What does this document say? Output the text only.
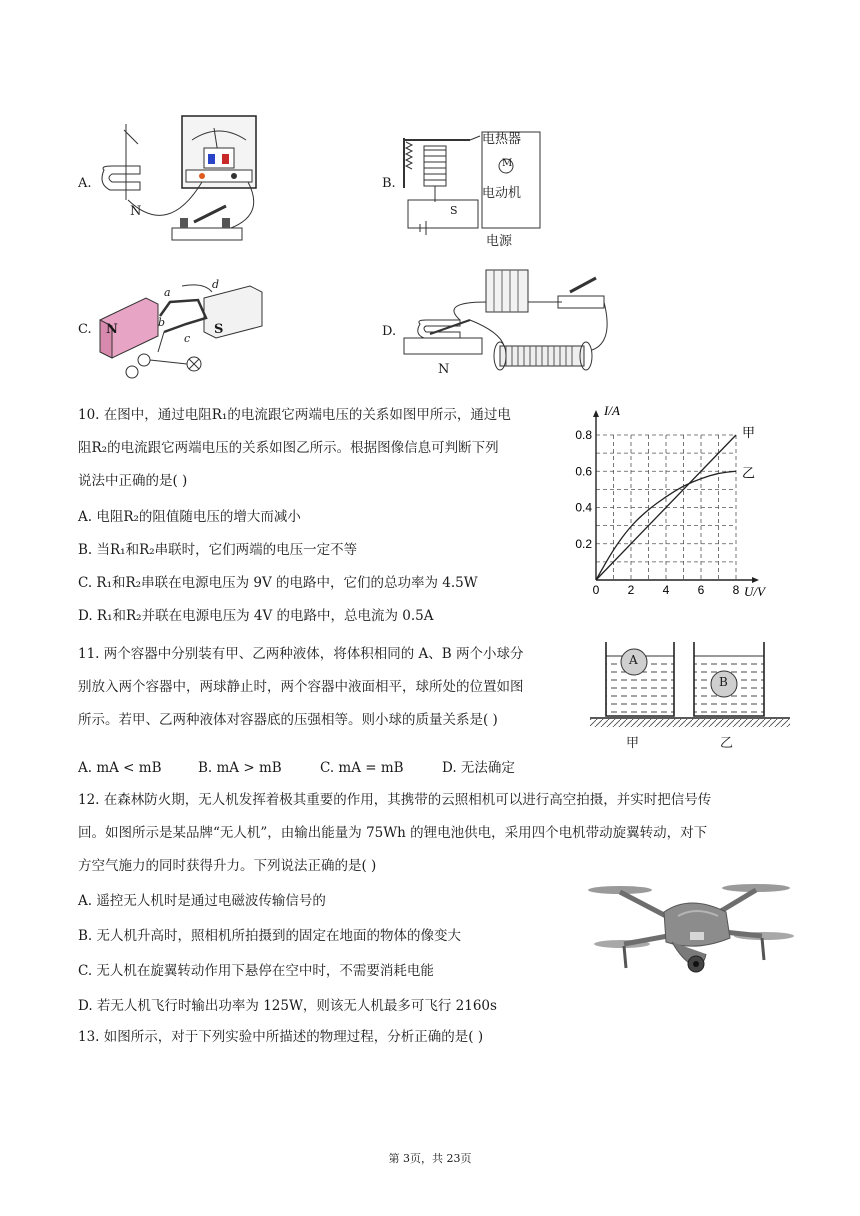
A.
N
B.
电热器
M
电动机
S
电源
C. N	S
a
b
c
d
D.
N
10. 在图中，通过电阻R₁的电流跟它两端电压的关系如图甲所示，通过电
阻R₂的电流跟它两端电压的关系如图乙所示。根据图像信息可判断下列
说法中正确的是( )
A. 电阻R₂的阻值随电压的增大而减小
B. 当R₁和R₂串联时，它们两端的电压一定不等
C. R₁和R₂串联在电源电压为 9V 的电路中，它们的总功率为 4.5W
D. R₁和R₂并联在电源电压为 4V 的电路中，总电流为 0.5A
0 2 4 6 8
0.2
0.4
0.6
0.8
I/A
U/V
甲
乙
11. 两个容器中分别装有甲、乙两种液体，将体积相同的 A、B 两个小球分
别放入两个容器中，两球静止时，两个容器中液面相平，球所处的位置如图
所示。若甲、乙两种液体对容器底的压强相等。则小球的质量关系是( )
A. mA < mB	B. mA > mB	C. mA = mB	D. 无法确定
A
B
甲	乙
12. 在森林防火期，无人机发挥着极其重要的作用，其携带的云照相机可以进行高空拍摄，并实时把信号传
回。如图所示是某品牌“无人机”，由输出能量为 75Wh 的锂电池供电，采用四个电机带动旋翼转动，对下
方空气施力的同时获得升力。下列说法正确的是( )
A. 遥控无人机时是通过电磁波传输信号的
B. 无人机升高时，照相机所拍摄到的固定在地面的物体的像变大
C. 无人机在旋翼转动作用下悬停在空中时，不需要消耗电能
D. 若无人机飞行时输出功率为 125W，则该无人机最多可飞行 2160s
13. 如图所示，对于下列实验中所描述的物理过程，分析正确的是( )
第 3页，共 23页
